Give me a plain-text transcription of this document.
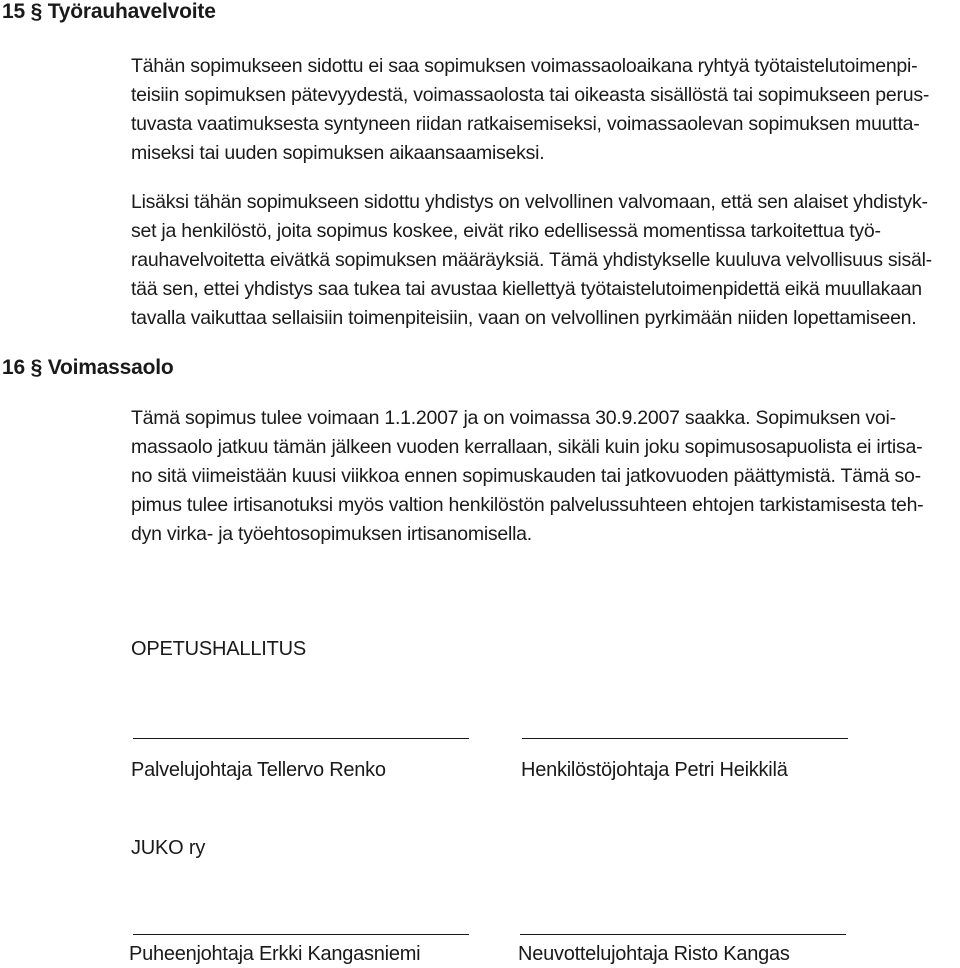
15 § Työrauhavelvoite
Tähän sopimukseen sidottu ei saa sopimuksen voimassaoloaikana ryhtyä työtaistelutoimenpi-
teisiin sopimuksen pätevyydestä, voimassaolosta tai oikeasta sisällöstä tai sopimukseen perus-
tuvasta vaatimuksesta syntyneen riidan ratkaisemiseksi, voimassaolevan sopimuksen muutta-
miseksi tai uuden sopimuksen aikaansaamiseksi.
Lisäksi tähän sopimukseen sidottu yhdistys on velvollinen valvomaan, että sen alaiset yhdistyk-
set ja henkilöstö, joita sopimus koskee, eivät riko edellisessä momentissa tarkoitettua työ-
rauhavelvoitetta eivätkä sopimuksen määräyksiä. Tämä yhdistykselle kuuluva velvollisuus sisäl-
tää sen, ettei yhdistys saa tukea tai avustaa kiellettyä työtaistelutoimenpidettä eikä muullakaan
tavalla vaikuttaa sellaisiin toimenpiteisiin, vaan on velvollinen pyrkimään niiden lopettamiseen.
16 § Voimassaolo
Tämä sopimus tulee voimaan 1.1.2007 ja on voimassa 30.9.2007 saakka. Sopimuksen voi-
massaolo jatkuu tämän jälkeen vuoden kerrallaan, sikäli kuin joku sopimusosapuolista ei irtisa-
no sitä viimeistään kuusi viikkoa ennen sopimuskauden tai jatkovuoden päättymistä. Tämä so-
pimus tulee irtisanotuksi myös valtion henkilöstön palvelussuhteen ehtojen tarkistamisesta teh-
dyn virka- ja työehtosopimuksen irtisanomisella.
OPETUSHALLITUS
Palvelujohtaja Tellervo Renko	Henkilöstöjohtaja Petri Heikkilä
JUKO ry
Puheenjohtaja Erkki Kangasniemi	Neuvottelujohtaja Risto Kangas
